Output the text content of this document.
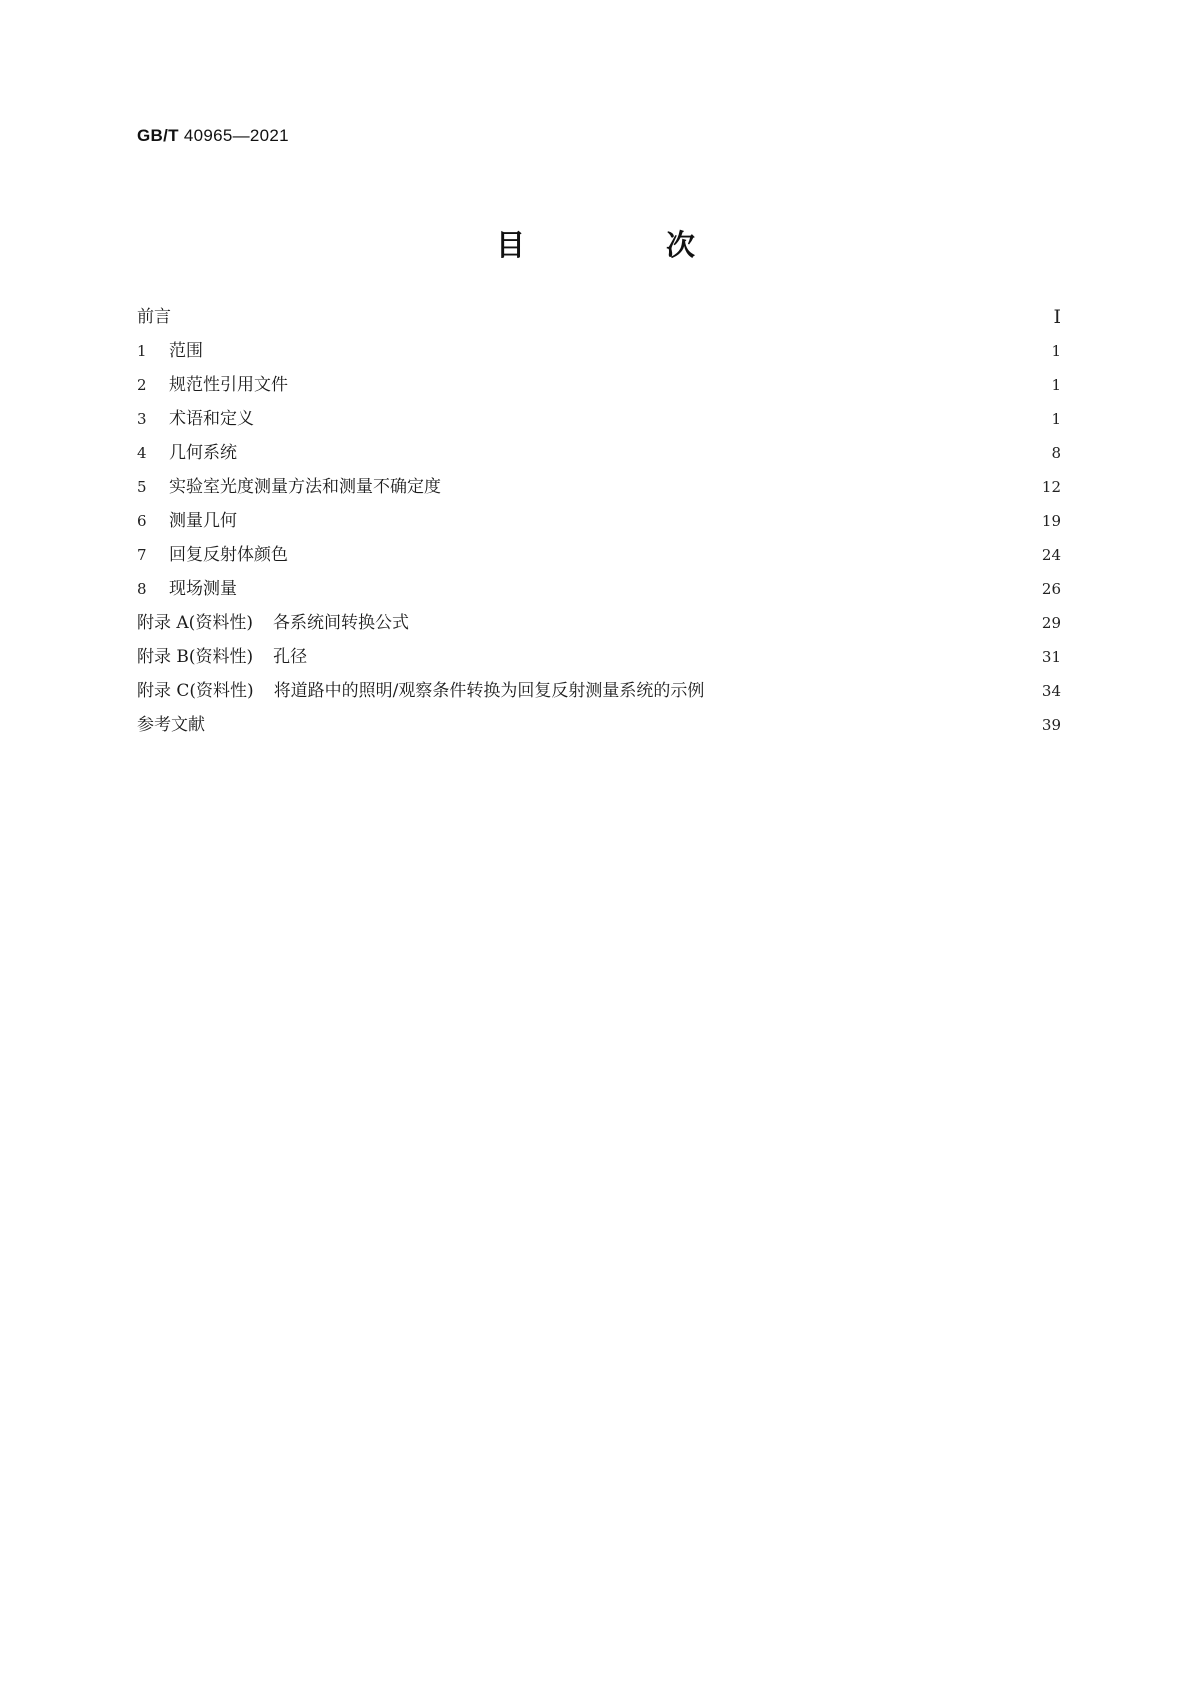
GB/T 40965—2021
目　次
前言	Ⅰ
1	范围	1
2	规范性引用文件	1
3	术语和定义	1
4	几何系统	8
5	实验室光度测量方法和测量不确定度	12
6	测量几何	19
7	回复反射体颜色	24
8	现场测量	26
附录 A(资料性) 各系统间转换公式	29
附录 B(资料性) 孔径	31
附录 C(资料性) 将道路中的照明/观察条件转换为回复反射测量系统的示例	34
参考文献	39
